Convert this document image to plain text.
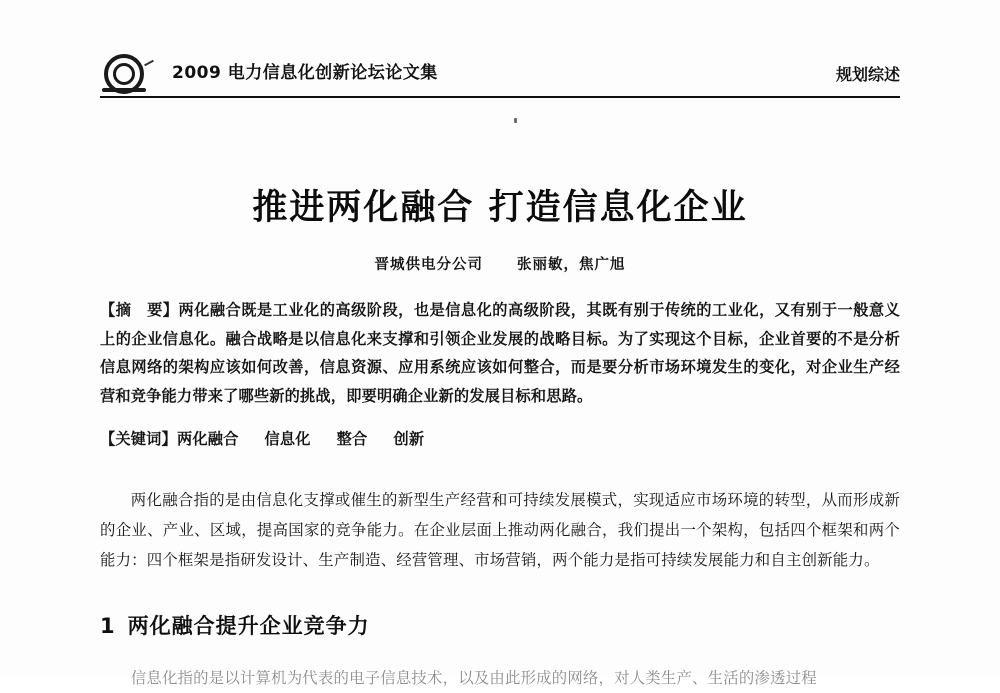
2009 电力信息化创新论坛论文集	规划综述
推进两化融合 打造信息化企业
晋城供电分公司 张丽敏，焦广旭
【摘　要】两化融合既是工业化的高级阶段，也是信息化的高级阶段，其既有别于传统的工业化，又有别于一般意义上的企业信息化。融合战略是以信息化来支撑和引领企业发展的战略目标。为了实现这个目标，企业首要的不是分析信息网络的架构应该如何改善，信息资源、应用系统应该如何整合，而是要分析市场环境发生的变化，对企业生产经营和竞争能力带来了哪些新的挑战，即要明确企业新的发展目标和思路。
【关键词】两化融合 信息化 整合 创新
两化融合指的是由信息化支撑或催生的新型生产经营和可持续发展模式，实现适应市场环境的转型，从而形成新的企业、产业、区域，提高国家的竞争能力。在企业层面上推动两化融合，我们提出一个架构，包括四个框架和两个能力：四个框架是指研发设计、生产制造、经营管理、市场营销，两个能力是指可持续发展能力和自主创新能力。
1 两化融合提升企业竞争力
信息化指的是以计算机为代表的电子信息技术，以及由此形成的网络，对人类生产、生活的渗透过程
